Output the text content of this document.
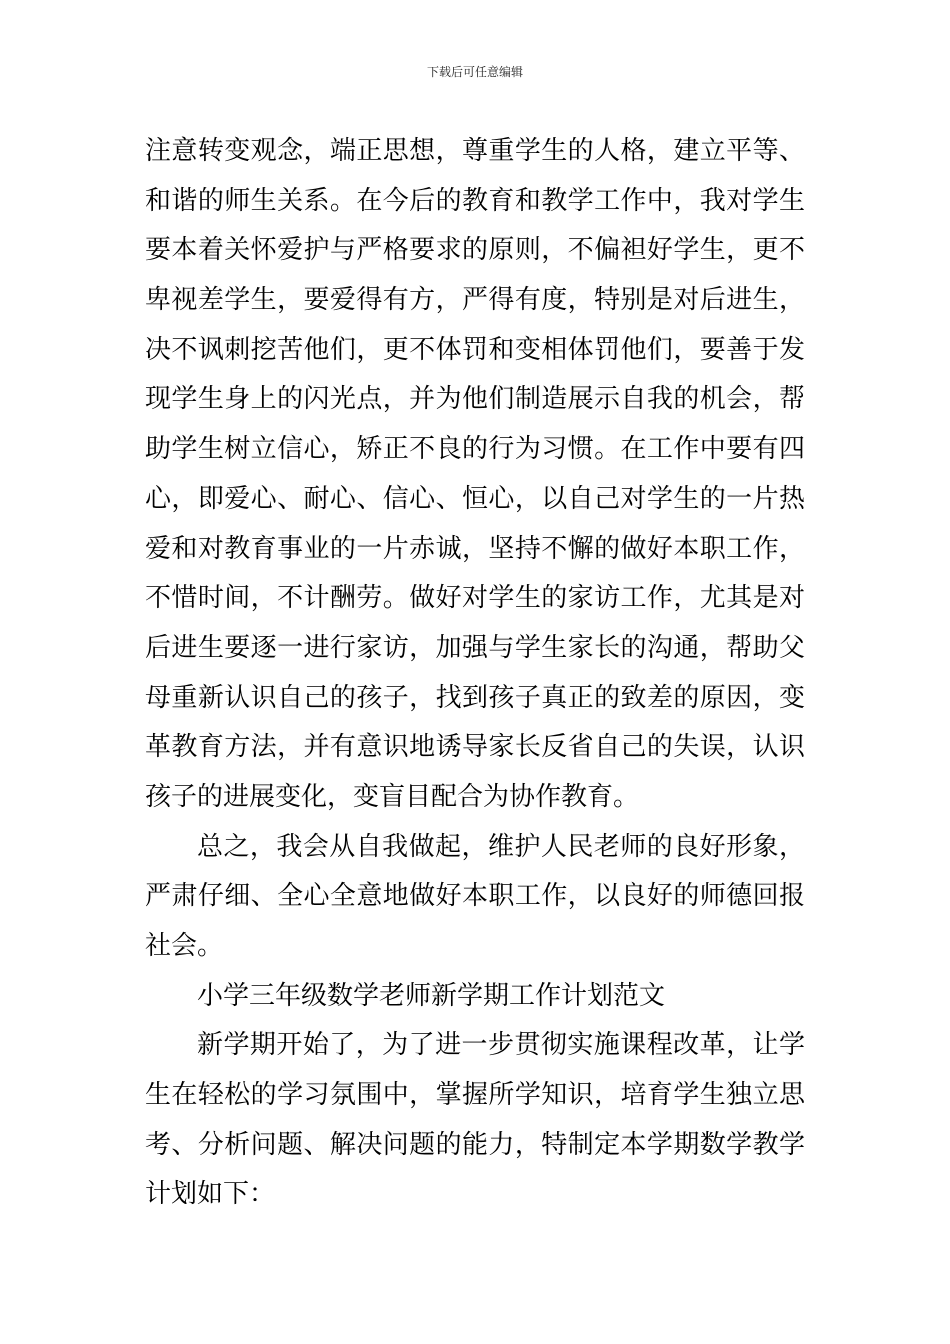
下载后可任意编辑
注意转变观念，端正思想，尊重学生的人格，建立平等、
和谐的师生关系。在今后的教育和教学工作中，我对学生
要本着关怀爱护与严格要求的原则，不偏袒好学生，更不
卑视差学生，要爱得有方，严得有度，特别是对后进生，
决不讽刺挖苦他们，更不体罚和变相体罚他们，要善于发
现学生身上的闪光点，并为他们制造展示自我的机会，帮
助学生树立信心，矫正不良的行为习惯。在工作中要有四
心，即爱心、耐心、信心、恒心，以自己对学生的一片热
爱和对教育事业的一片赤诚，坚持不懈的做好本职工作，
不惜时间，不计酬劳。做好对学生的家访工作，尤其是对
后进生要逐一进行家访，加强与学生家长的沟通，帮助父
母重新认识自己的孩子，找到孩子真正的致差的原因，变
革教育方法，并有意识地诱导家长反省自己的失误，认识
孩子的进展变化，变盲目配合为协作教育。
总之，我会从自我做起，维护人民老师的良好形象，
严肃仔细、全心全意地做好本职工作，以良好的师德回报
社会。
小学三年级数学老师新学期工作计划范文
新学期开始了，为了进一步贯彻实施课程改革，让学
生在轻松的学习氛围中，掌握所学知识，培育学生独立思
考、分析问题、解决问题的能力，特制定本学期数学教学
计划如下：
